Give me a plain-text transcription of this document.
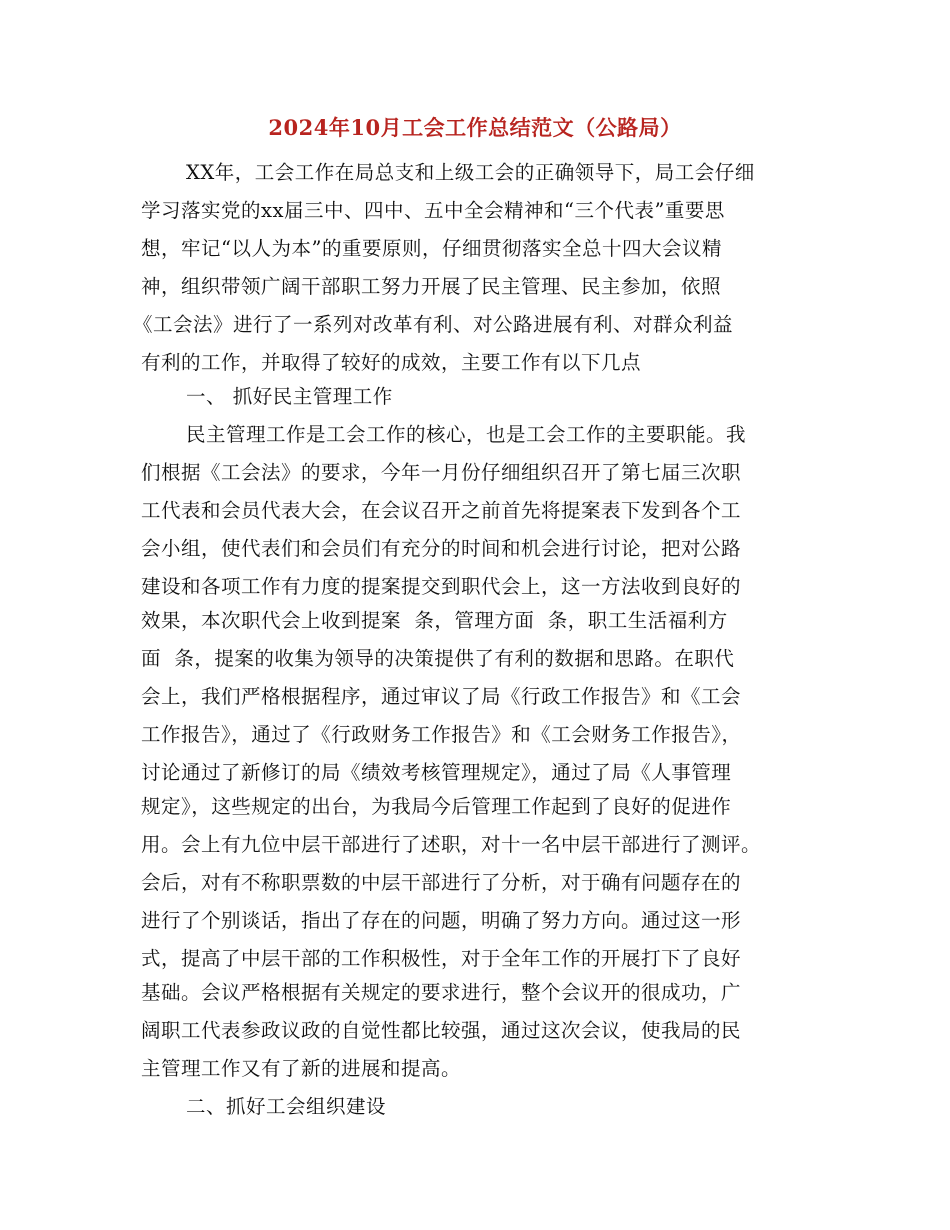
2024年10月工会工作总结范文（公路局）
XX年，工会工作在局总支和上级工会的正确领导下，局工会仔细
学习落实党的xx届三中、四中、五中全会精神和“三个代表”重要思
想，牢记“以人为本”的重要原则，仔细贯彻落实全总十四大会议精
神，组织带领广阔干部职工努力开展了民主管理、民主参加，依照
《工会法》进行了一系列对改革有利、对公路进展有利、对群众利益
有利的工作，并取得了较好的成效，主要工作有以下几点
一、 抓好民主管理工作
民主管理工作是工会工作的核心，也是工会工作的主要职能。我
们根据《工会法》的要求，今年一月份仔细组织召开了第七届三次职
工代表和会员代表大会，在会议召开之前首先将提案表下发到各个工
会小组，使代表们和会员们有充分的时间和机会进行讨论，把对公路
建设和各项工作有力度的提案提交到职代会上，这一方法收到良好的
效果，本次职代会上收到提案  条，管理方面  条，职工生活福利方
面  条，提案的收集为领导的决策提供了有利的数据和思路。在职代
会上，我们严格根据程序，通过审议了局《行政工作报告》和《工会
工作报告》，通过了《行政财务工作报告》和《工会财务工作报告》，
讨论通过了新修订的局《绩效考核管理规定》，通过了局《人事管理
规定》，这些规定的出台，为我局今后管理工作起到了良好的促进作
用。会上有九位中层干部进行了述职，对十一名中层干部进行了测评。
会后，对有不称职票数的中层干部进行了分析，对于确有问题存在的
进行了个别谈话，指出了存在的问题，明确了努力方向。通过这一形
式，提高了中层干部的工作积极性，对于全年工作的开展打下了良好
基础。会议严格根据有关规定的要求进行，整个会议开的很成功，广
阔职工代表参政议政的自觉性都比较强，通过这次会议，使我局的民
主管理工作又有了新的进展和提高。
二、抓好工会组织建设
